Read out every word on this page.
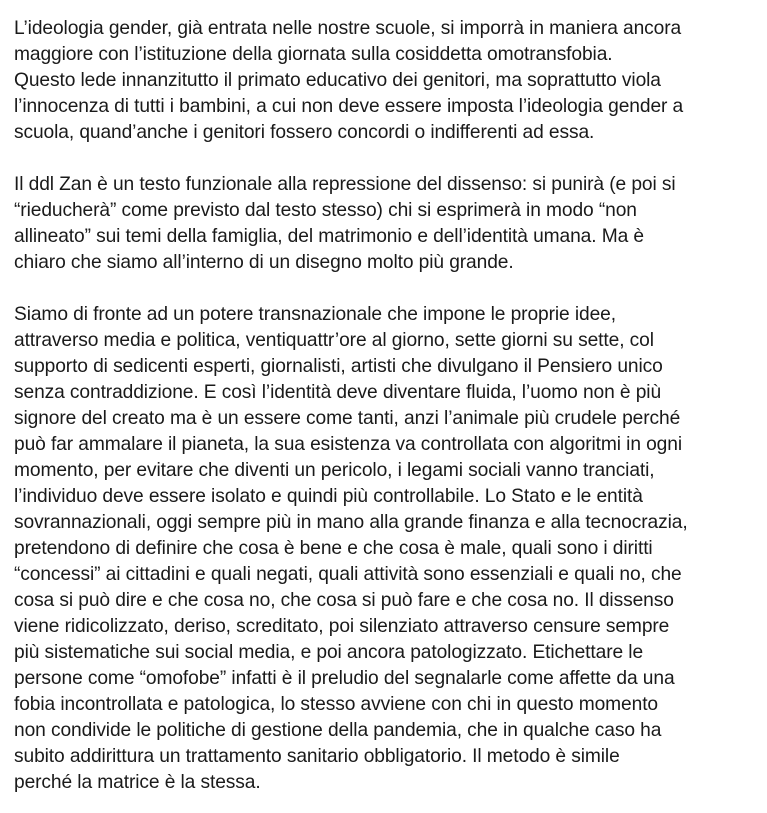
L’ideologia gender, già entrata nelle nostre scuole, si imporrà in maniera ancora
maggiore con l’istituzione della giornata sulla cosiddetta omotransfobia.
Questo lede innanzitutto il primato educativo dei genitori, ma soprattutto viola
l’innocenza di tutti i bambini, a cui non deve essere imposta l’ideologia gender a
scuola, quand’anche i genitori fossero concordi o indifferenti ad essa.
Il ddl Zan è un testo funzionale alla repressione del dissenso: si punirà (e poi si
“rieducherà” come previsto dal testo stesso) chi si esprimerà in modo “non
allineato” sui temi della famiglia, del matrimonio e dell’identità umana. Ma è
chiaro che siamo all’interno di un disegno molto più grande.
Siamo di fronte ad un potere transnazionale che impone le proprie idee,
attraverso media e politica, ventiquattr’ore al giorno, sette giorni su sette, col
supporto di sedicenti esperti, giornalisti, artisti che divulgano il Pensiero unico
senza contraddizione. E così l’identità deve diventare fluida, l’uomo non è più
signore del creato ma è un essere come tanti, anzi l’animale più crudele perché
può far ammalare il pianeta, la sua esistenza va controllata con algoritmi in ogni
momento, per evitare che diventi un pericolo, i legami sociali vanno tranciati,
l’individuo deve essere isolato e quindi più controllabile. Lo Stato e le entità
sovrannazionali, oggi sempre più in mano alla grande finanza e alla tecnocrazia,
pretendono di definire che cosa è bene e che cosa è male, quali sono i diritti
“concessi” ai cittadini e quali negati, quali attività sono essenziali e quali no, che
cosa si può dire e che cosa no, che cosa si può fare e che cosa no. Il dissenso
viene ridicolizzato, deriso, screditato, poi silenziato attraverso censure sempre
più sistematiche sui social media, e poi ancora patologizzato. Etichettare le
persone come “omofobe” infatti è il preludio del segnalarle come affette da una
fobia incontrollata e patologica, lo stesso avviene con chi in questo momento
non condivide le politiche di gestione della pandemia, che in qualche caso ha
subito addirittura un trattamento sanitario obbligatorio. Il metodo è simile
perché la matrice è la stessa.
